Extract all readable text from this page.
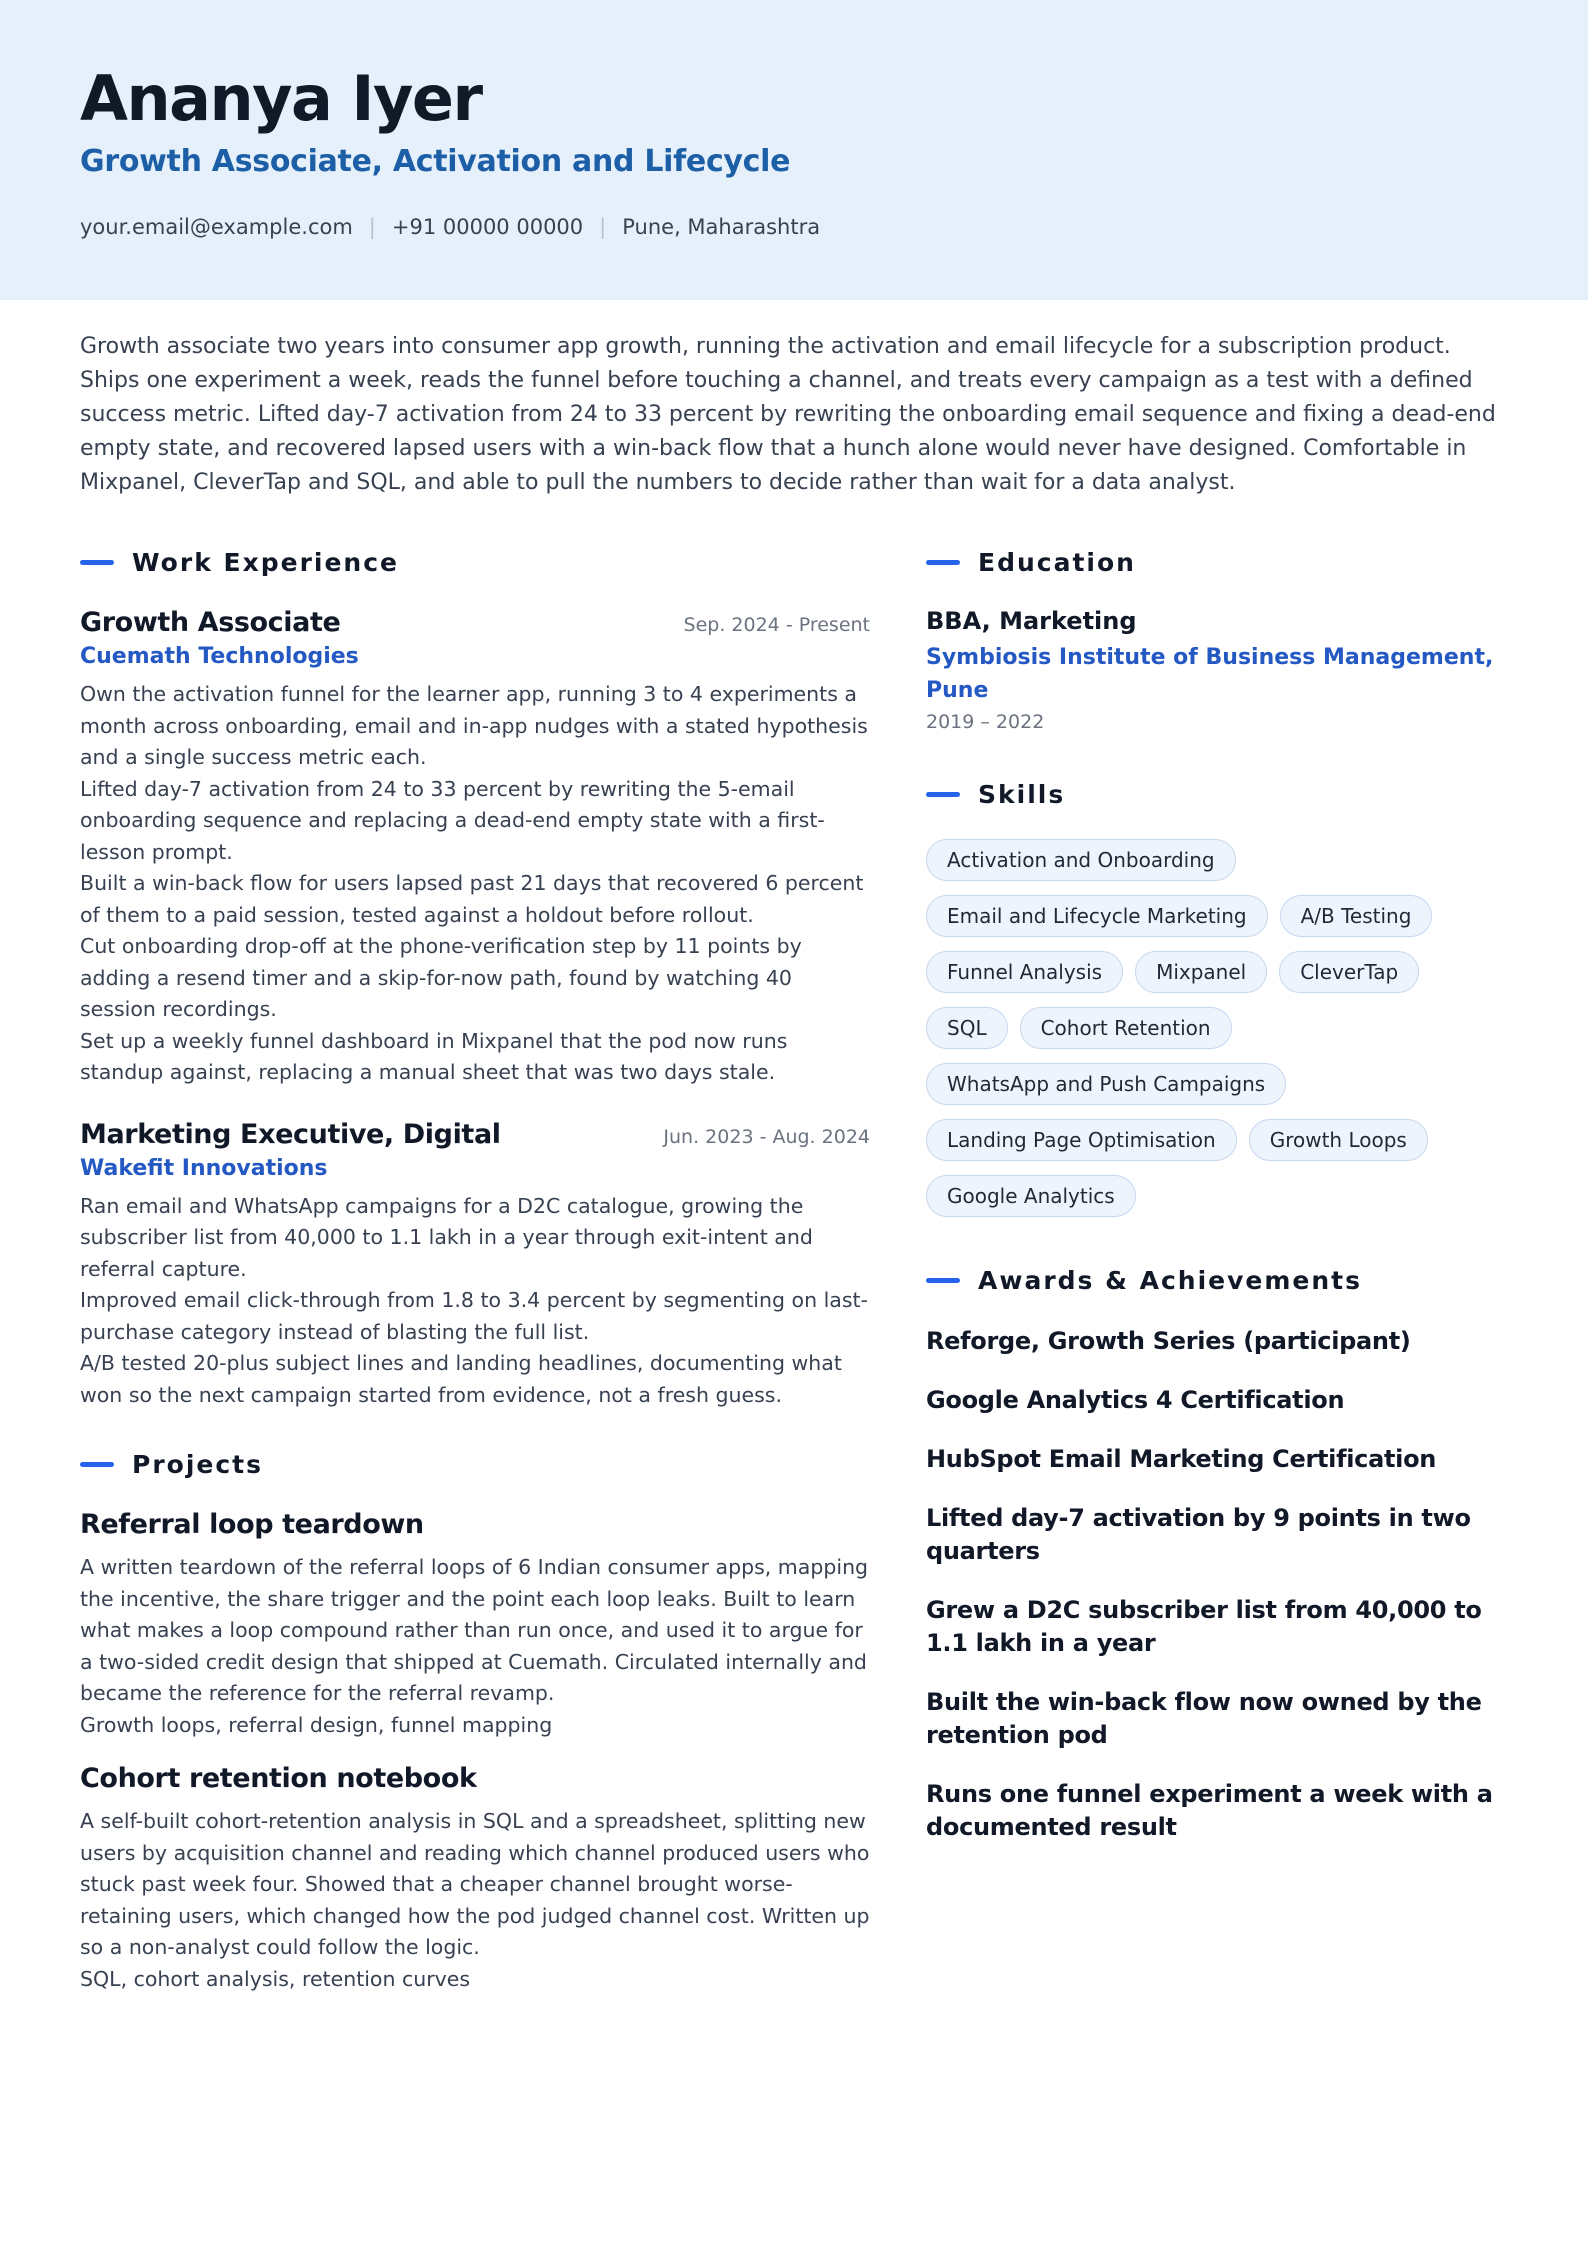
Ananya Iyer
Growth Associate, Activation and Lifecycle
your.email@example.com | +91 00000 00000 | Pune, Maharashtra

Growth associate two years into consumer app growth, running the activation and email lifecycle for a subscription product. Ships one experiment a week, reads the funnel before touching a channel, and treats every campaign as a test with a defined success metric. Lifted day-7 activation from 24 to 33 percent by rewriting the onboarding email sequence and fixing a dead-end empty state, and recovered lapsed users with a win-back flow that a hunch alone would never have designed. Comfortable in Mixpanel, CleverTap and SQL, and able to pull the numbers to decide rather than wait for a data analyst.

Work Experience
Growth Associate	Sep. 2024 - Present
Cuemath Technologies

Own the activation funnel for the learner app, running 3 to 4 experiments a month across onboarding, email and in-app nudges with a stated hypothesis and a single success metric each.

Lifted day-7 activation from 24 to 33 percent by rewriting the 5-email onboarding sequence and replacing a dead-end empty state with a first-lesson prompt.

Built a win-back flow for users lapsed past 21 days that recovered 6 percent of them to a paid session, tested against a holdout before rollout.

Cut onboarding drop-off at the phone-verification step by 11 points by adding a resend timer and a skip-for-now path, found by watching 40 session recordings.

Set up a weekly funnel dashboard in Mixpanel that the pod now runs standup against, replacing a manual sheet that was two days stale.

Marketing Executive, Digital	Jun. 2023 - Aug. 2024
Wakefit Innovations

Ran email and WhatsApp campaigns for a D2C catalogue, growing the subscriber list from 40,000 to 1.1 lakh in a year through exit-intent and referral capture.

Improved email click-through from 1.8 to 3.4 percent by segmenting on last-purchase category instead of blasting the full list.

A/B tested 20-plus subject lines and landing headlines, documenting what won so the next campaign started from evidence, not a fresh guess.

Projects
Referral loop teardown

A written teardown of the referral loops of 6 Indian consumer apps, mapping the incentive, the share trigger and the point each loop leaks. Built to learn what makes a loop compound rather than run once, and used it to argue for a two-sided credit design that shipped at Cuemath. Circulated internally and became the reference for the referral revamp.

Growth loops, referral design, funnel mapping

Cohort retention notebook

A self-built cohort-retention analysis in SQL and a spreadsheet, splitting new users by acquisition channel and reading which channel produced users who stuck past week four. Showed that a cheaper channel brought worse-retaining users, which changed how the pod judged channel cost. Written up so a non-analyst could follow the logic.

SQL, cohort analysis, retention curves

Education
BBA, Marketing
Symbiosis Institute of Business Management, Pune
2019 – 2022
Skills
Activation and Onboarding
Email and Lifecycle Marketing	A/B Testing
Funnel Analysis	Mixpanel	CleverTap
SQL	Cohort Retention
WhatsApp and Push Campaigns
Landing Page Optimisation	Growth Loops
Google Analytics
Awards & Achievements
Reforge, Growth Series (participant)
Google Analytics 4 Certification
HubSpot Email Marketing Certification
Lifted day-7 activation by 9 points in two quarters
Grew a D2C subscriber list from 40,000 to 1.1 lakh in a year
Built the win-back flow now owned by the retention pod
Runs one funnel experiment a week with a documented result
